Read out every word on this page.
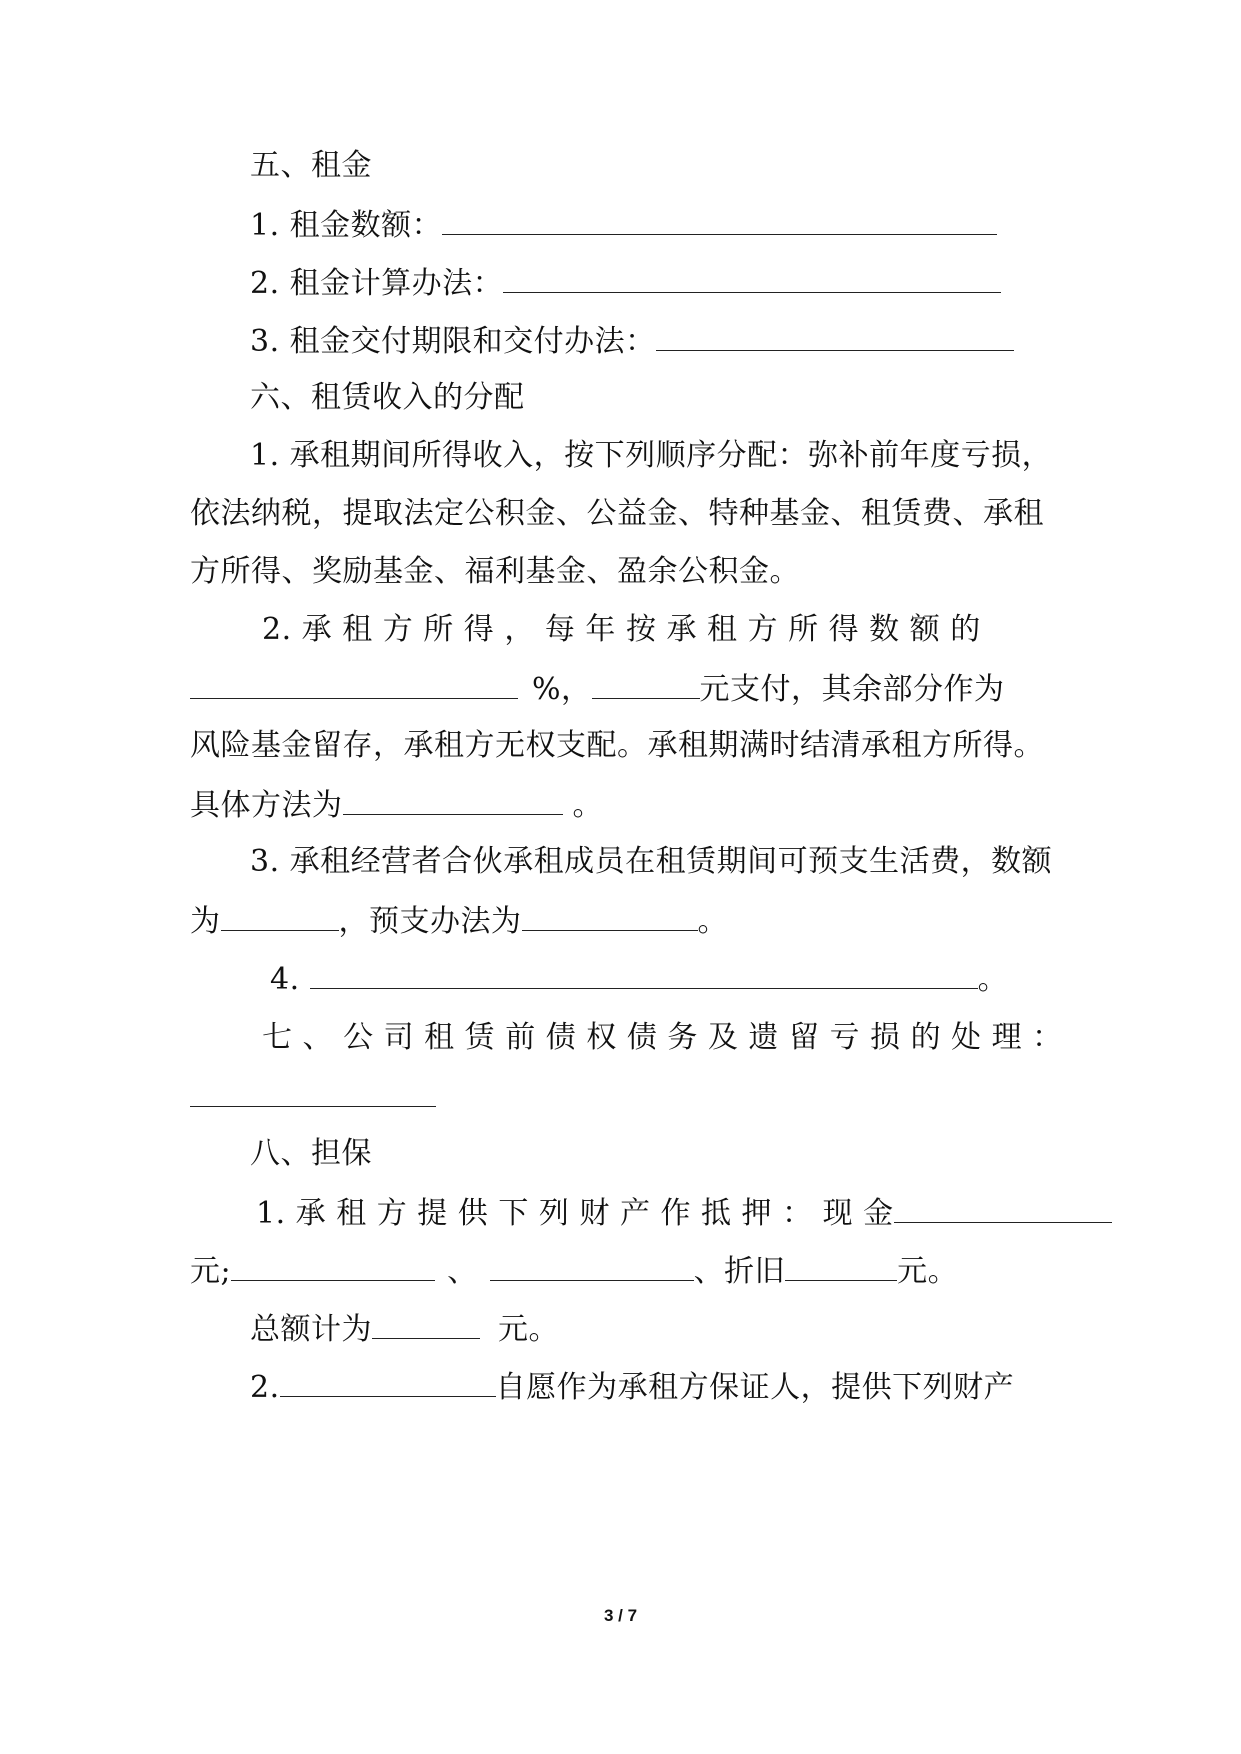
五、租金
1. 租金数额：
2. 租金计算办法：
3. 租金交付期限和交付办法：
六、租赁收入的分配
1. 承租期间所得收入，按下列顺序分配：弥补前年度亏损，
依法纳税，提取法定公积金、公益金、特种基金、租赁费、承租
方所得、奖励基金、福利基金、盈余公积金。
2. 承 租 方 所 得 ， 每 年 按 承 租 方 所 得 数 额 的
%，	元支付，其余部分作为
风险基金留存，承租方无权支配。承租期满时结清承租方所得。
具体方法为	。
3. 承租经营者合伙承租成员在租赁期间可预支生活费，数额
为	，预支办法为	。
4.	。
七 、 公 司 租 赁 前 债 权 债 务 及 遗 留 亏 损 的 处 理 ：
八、担保
1. 承 租 方 提 供 下 列 财 产 作 抵 押 ： 现 金
元;	、	、折旧	元。
总额计为	元。
2.	自愿作为承租方保证人，提供下列财产
3 / 7
